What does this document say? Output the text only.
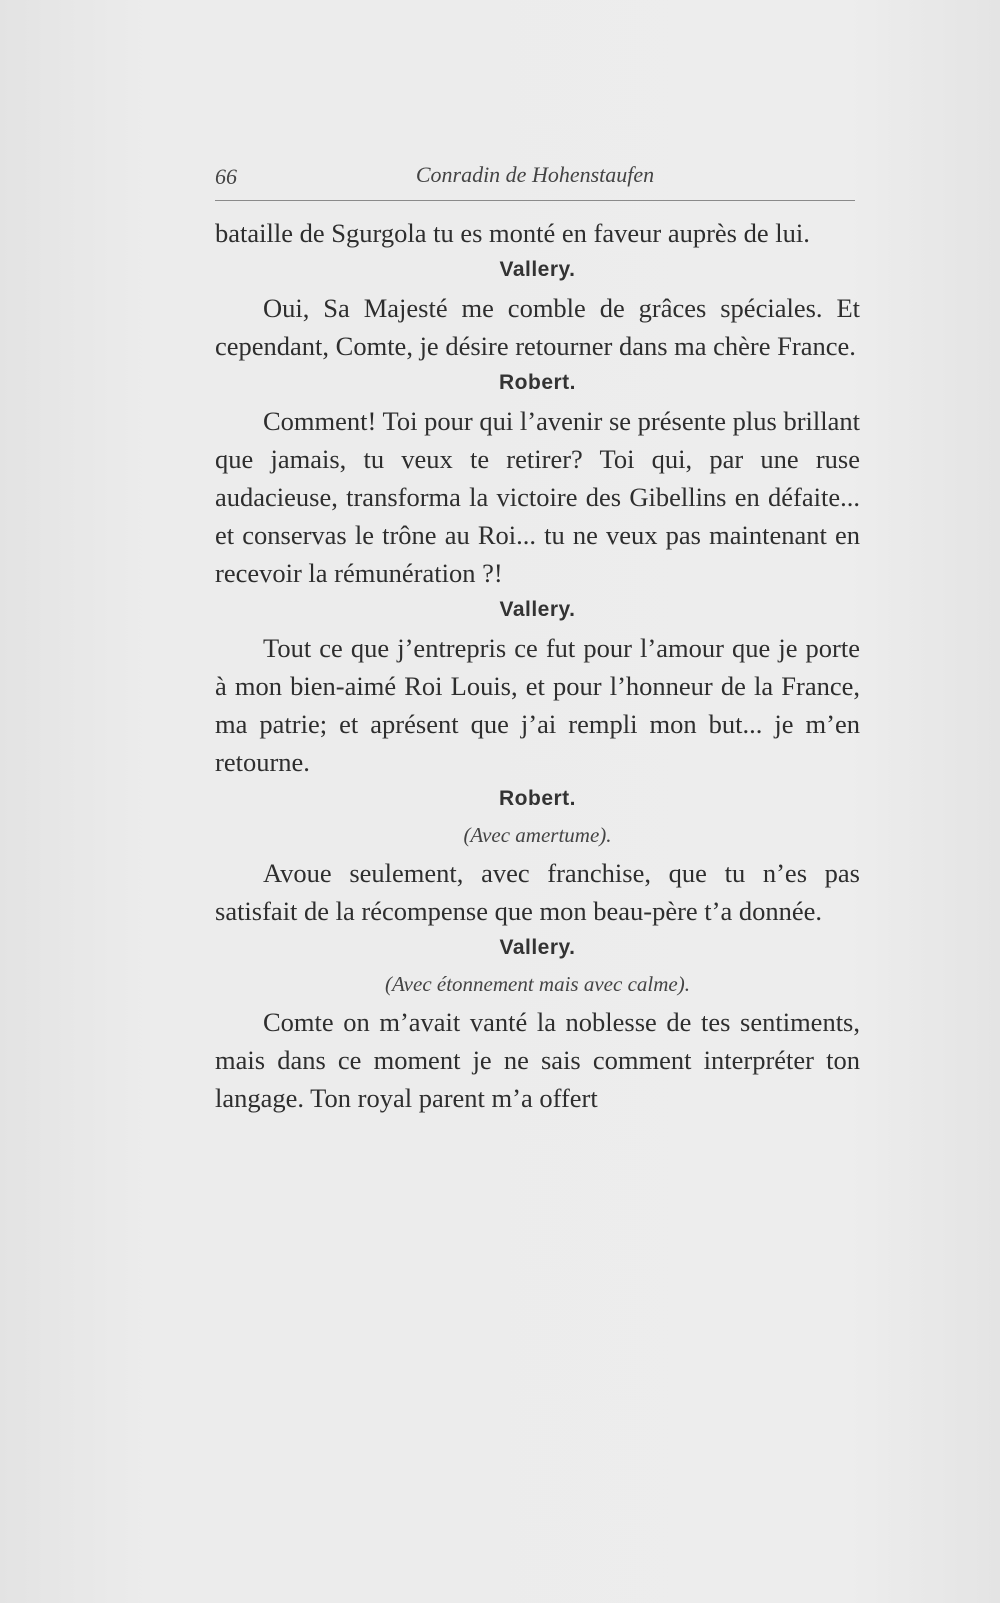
66	Conradin de Hohenstaufen

bataille de Sgurgola tu es monté en faveur auprès de lui.

Vallery.

Oui, Sa Majesté me comble de grâces spéciales. Et cependant, Comte, je désire retourner dans ma chère France.

Robert.

Comment! Toi pour qui l’avenir se présente plus brillant que jamais, tu veux te retirer? Toi qui, par une ruse audacieuse, transforma la victoire des Gibellins en défaite... et conservas le trône au Roi... tu ne veux pas maintenant en recevoir la rémunération ?!

Vallery.

Tout ce que j’entrepris ce fut pour l’amour que je porte à mon bien-aimé Roi Louis, et pour l’honneur de la France, ma patrie; et aprésent que j’ai rempli mon but... je m’en retourne.

Robert.
(Avec amertume).

Avoue seulement, avec franchise, que tu n’es pas satisfait de la récompense que mon beau-père t’a donnée.

Vallery.
(Avec étonnement mais avec calme).

Comte on m’avait vanté la noblesse de tes sentiments, mais dans ce moment je ne sais comment interpréter ton langage. Ton royal parent m’a offert
